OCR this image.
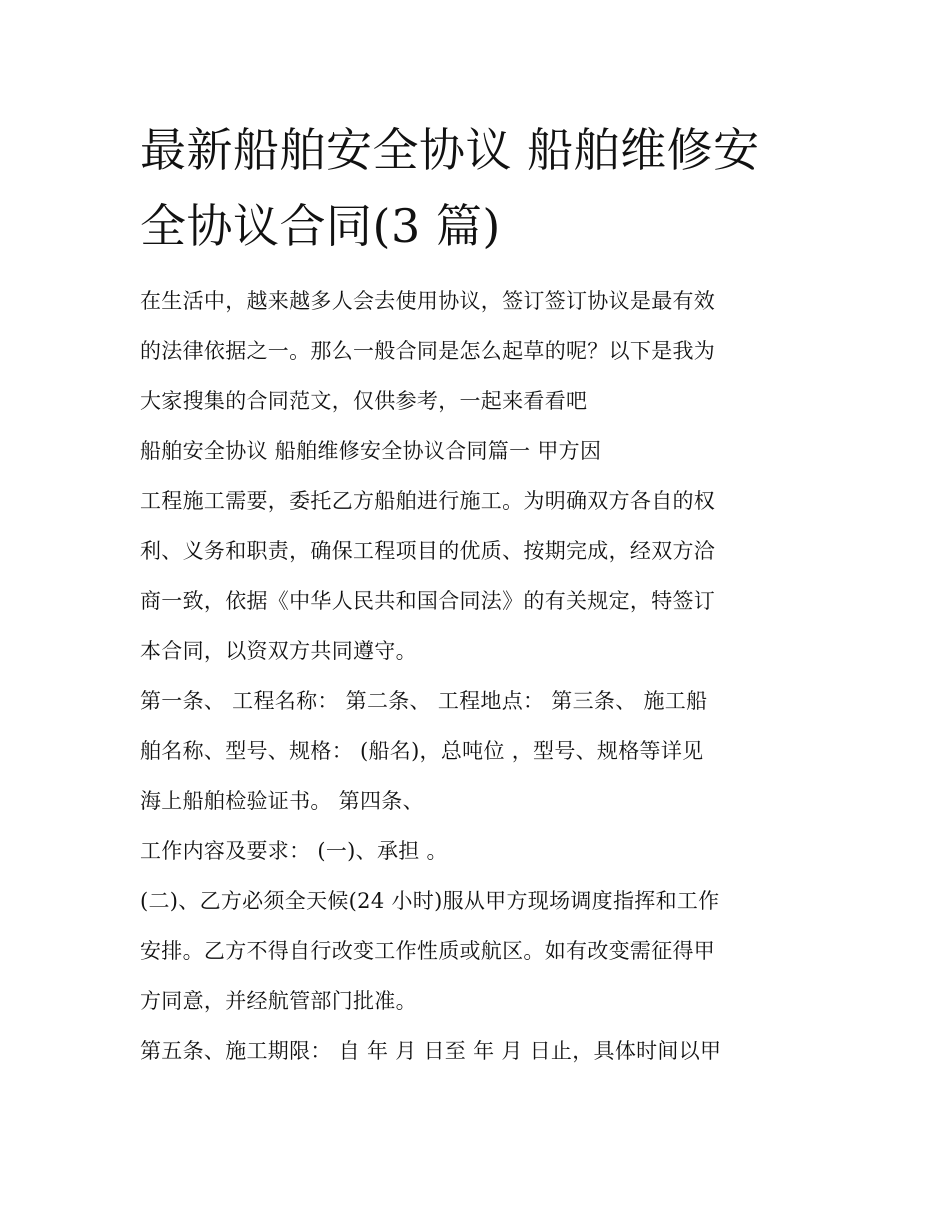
最新船舶安全协议 船舶维修安
全协议合同(3 篇)

在生活中，越来越多人会去使用协议，签订签订协议是最有效

的法律依据之一。那么一般合同是怎么起草的呢？以下是我为

大家搜集的合同范文，仅供参考，一起来看看吧

船舶安全协议 船舶维修安全协议合同篇一 甲方因

工程施工需要，委托乙方船舶进行施工。为明确双方各自的权

利、义务和职责，确保工程项目的优质、按期完成，经双方洽

商一致，依据《中华人民共和国合同法》的有关规定，特签订

本合同，以资双方共同遵守。

第一条、 工程名称： 第二条、 工程地点： 第三条、 施工船

舶名称、型号、规格： (船名)，总吨位 ，型号、规格等详见

海上船舶检验证书。 第四条、

工作内容及要求： (一)、承担 。

(二)、乙方必须全天候(24 小时)服从甲方现场调度指挥和工作

安排。乙方不得自行改变工作性质或航区。如有改变需征得甲

方同意，并经航管部门批准。

第五条、施工期限： 自 年 月 日至 年 月 日止，具体时间以甲
